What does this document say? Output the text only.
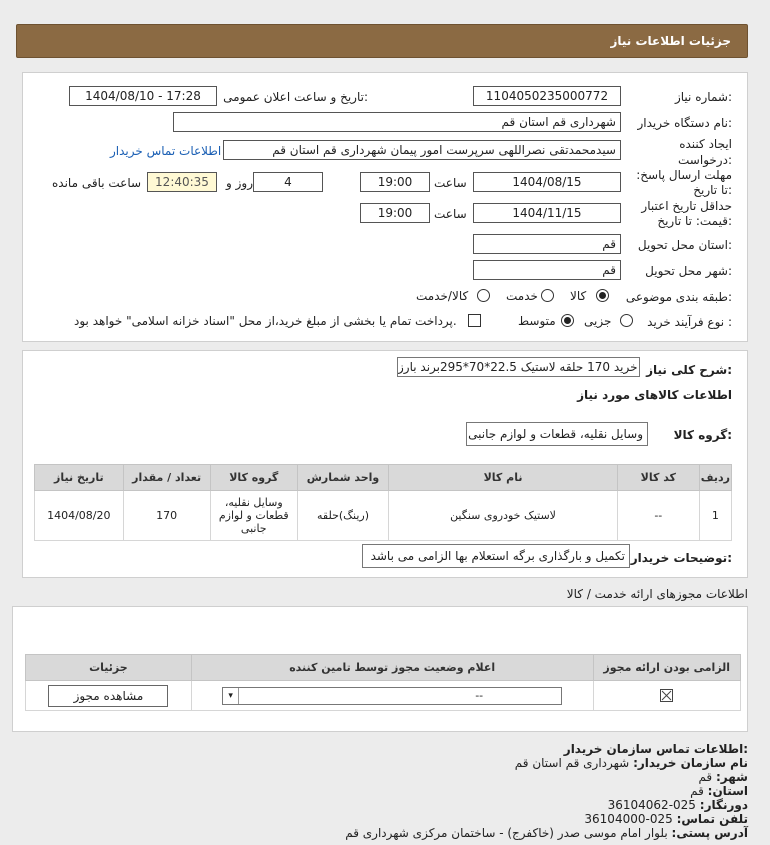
جزئیات اطلاعات نیاز
شماره نیاز:
1104050235000772
تاریخ و ساعت اعلان عمومی:
1404/08/10 - 17:28
نام دستگاه خریدار:
شهرداری قم استان قم
ایجاد کننده درخواست:
سیدمحمدتقی نصراللهی سرپرست امور پیمان شهرداری قم استان قم
اطلاعات تماس خریدار
مهلت ارسال پاسخ: تا تاریخ:
1404/08/15
ساعت
19:00
4
روز و
12:40:35
ساعت باقی مانده
حداقل تاریخ اعتبار قیمت: تا تاریخ:
1404/11/15
ساعت
19:00
استان محل تحویل:
قم
شهر محل تحویل:
قم
طبقه بندی موضوعی:
کالا
خدمت
کالا/خدمت
نوع فرآیند خرید :
جزیی
متوسط
پرداخت تمام یا بخشی از مبلغ خرید،از محل "اسناد خزانه اسلامی" خواهد بود.
شرح کلی نیاز:
خرید 170 حلقه لاستیک 22.5*70*295برند بارز
اطلاعات کالاهای مورد نیاز
گروه کالا:
وسایل نقلیه، قطعات و لوازم جانبی
ردیف	کد کالا	نام کالا	واحد شمارش	گروه کالا	تعداد / مقدار	تاریخ نیاز
1	--	لاستیک خودروی سنگین	(رینگ)حلقه	وسایل نقلیه، قطعات و لوازم جانبی	170	1404/08/20
توضیحات خریدار:
تکمیل و بارگذاری برگه استعلام بها الزامی می باشد
اطلاعات مجوزهای ارائه خدمت / کالا
الزامی بودن ارائه مجوز	اعلام وضعیت مجوز توسط تامین کننده	جزئیات

--
▾	مشاهده مجوز
اطلاعات تماس سازمان خریدار:
نام سازمان خریدار: شهرداری قم استان قم
شهر: قم
استان: قم
دورنگار: 025-36104062
تلفن تماس: 025-36104000
آدرس پستی: بلوار امام موسی صدر (خاکفرج) - ساختمان مرکزی شهرداری قم
